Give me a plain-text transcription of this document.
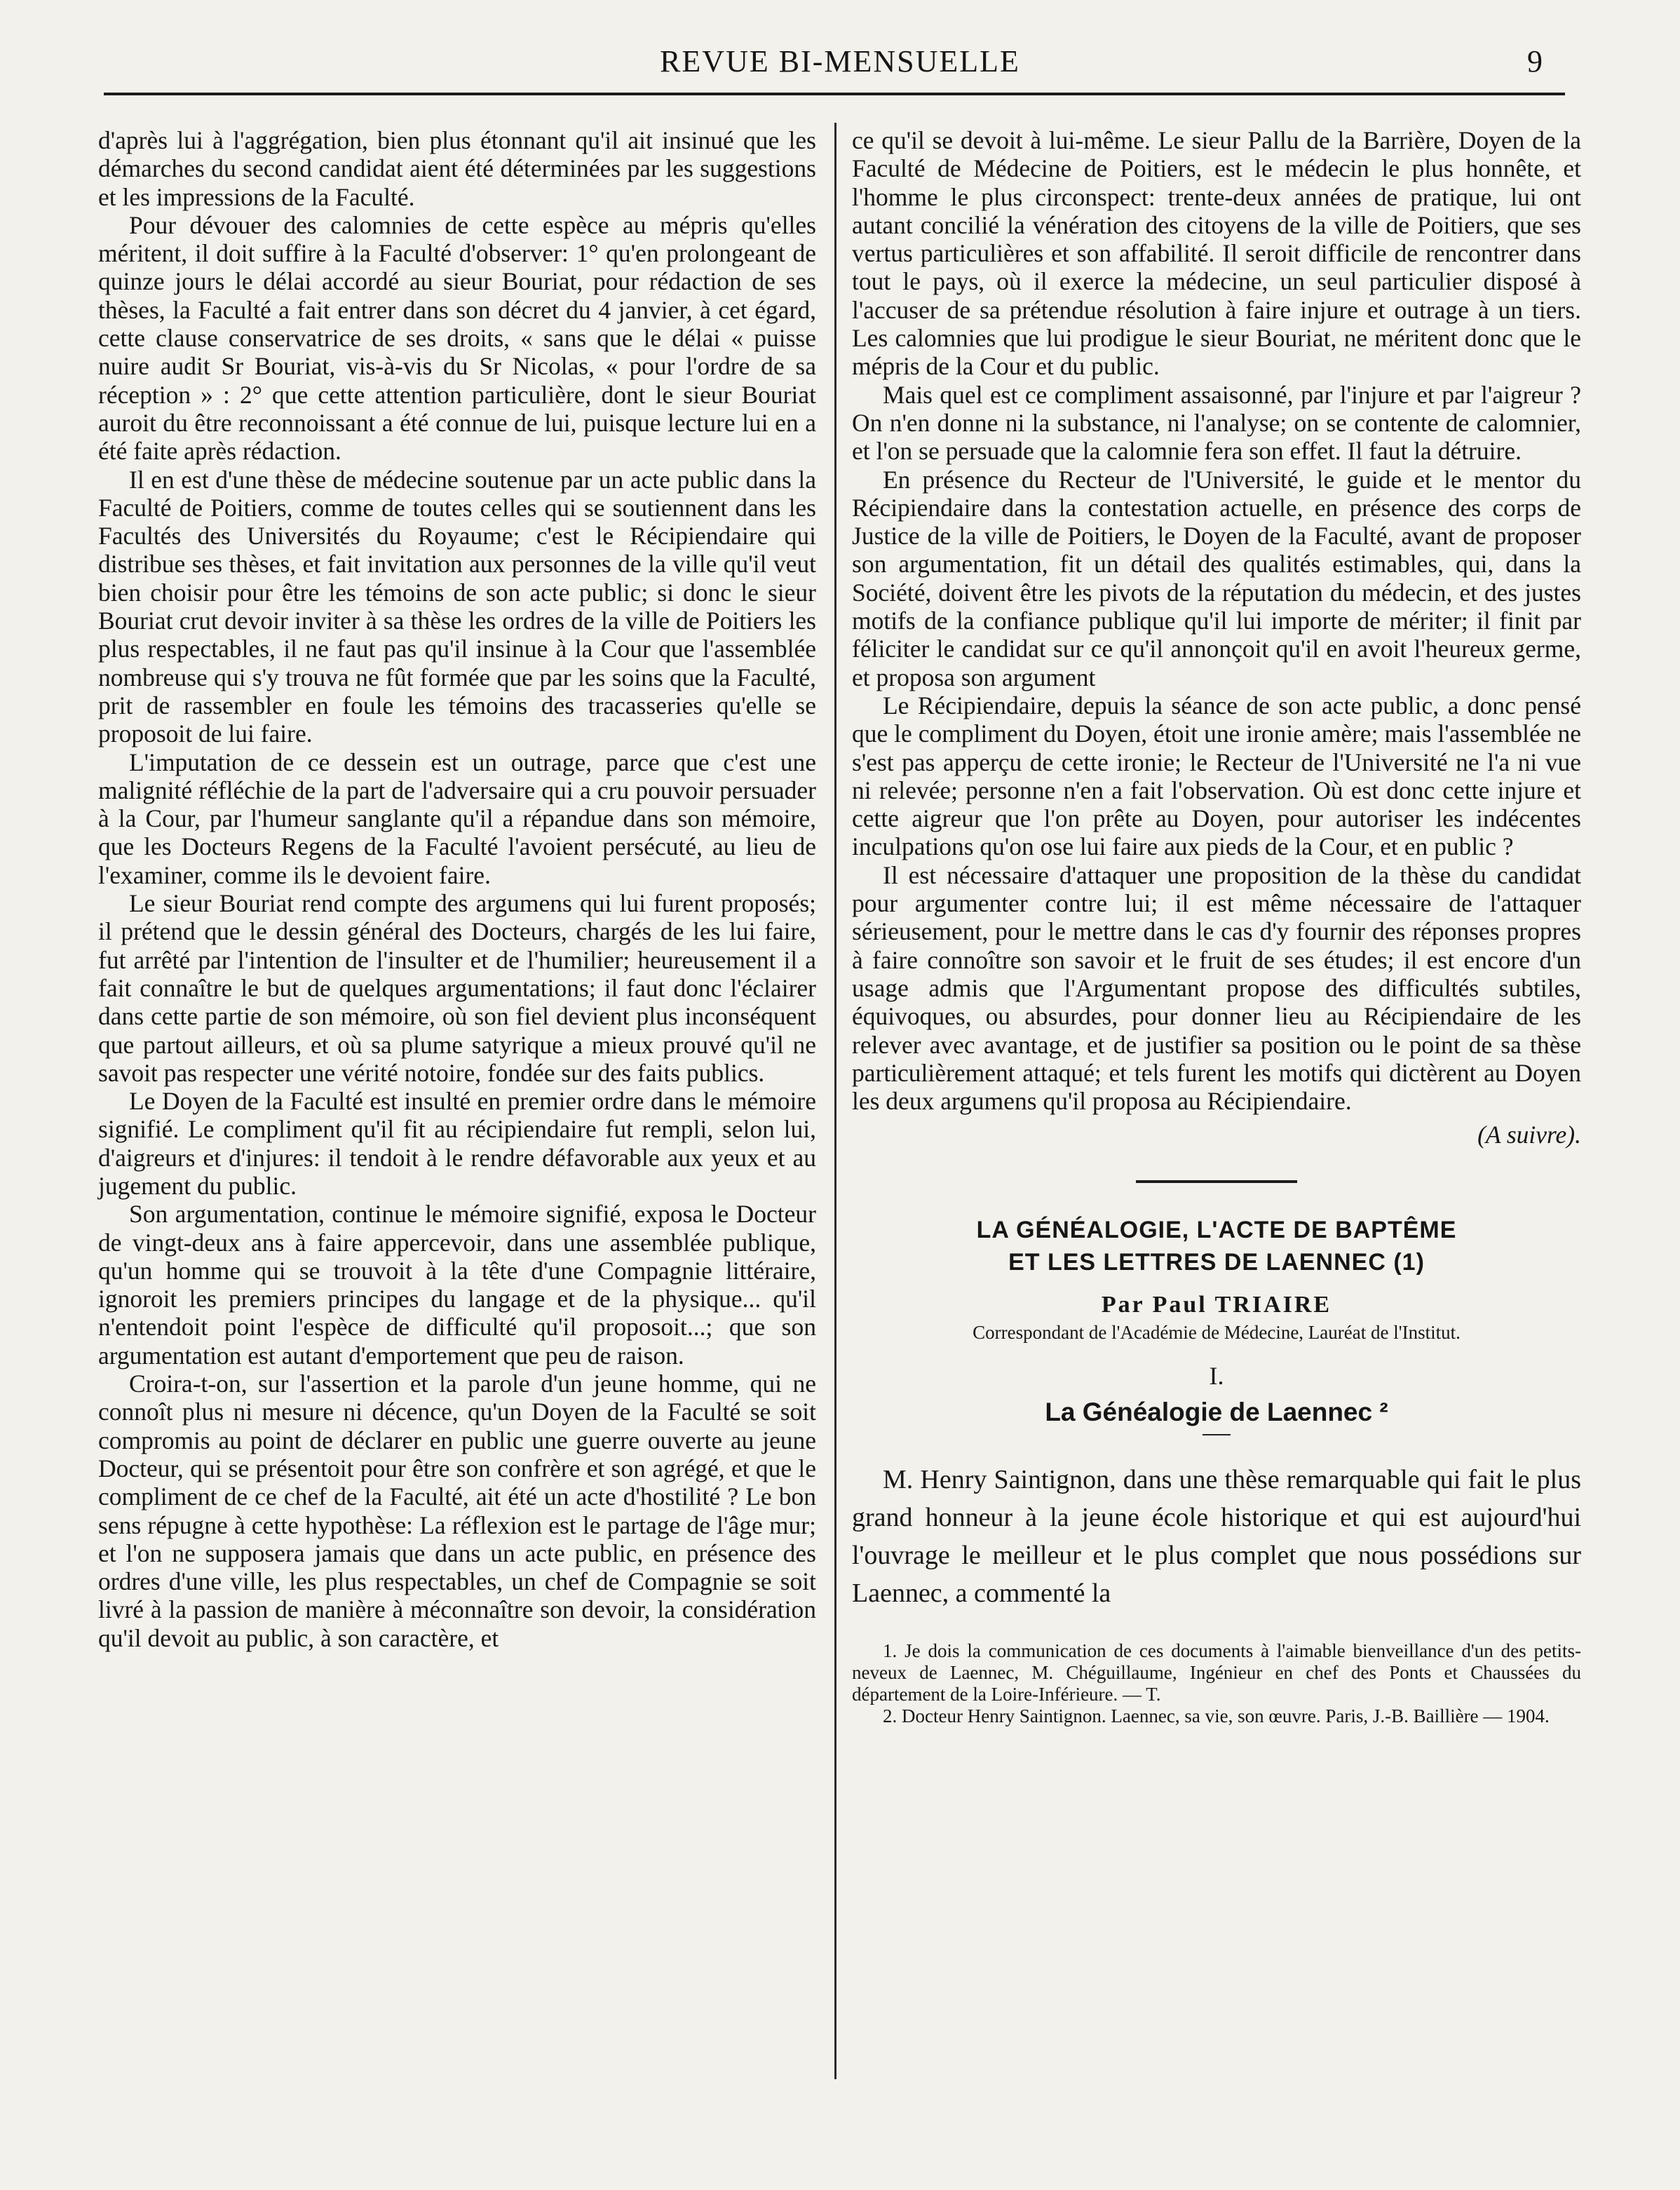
REVUE BI-MENSUELLE	9

d'après lui à l'aggrégation, bien plus étonnant qu'il ait insinué que les démarches du second candidat aient été déterminées par les suggestions et les impressions de la Faculté.

Pour dévouer des calomnies de cette espèce au mépris qu'elles méritent, il doit suffire à la Faculté d'observer: 1° qu'en prolongeant de quinze jours le délai accordé au sieur Bouriat, pour rédaction de ses thèses, la Faculté a fait entrer dans son décret du 4 janvier, à cet égard, cette clause conservatrice de ses droits, « sans que le délai « puisse nuire audit Sr Bouriat, vis-à-vis du Sr Nicolas, « pour l'ordre de sa réception » : 2° que cette attention particulière, dont le sieur Bouriat auroit du être reconnoissant a été connue de lui, puisque lecture lui en a été faite après rédaction.

Il en est d'une thèse de médecine soutenue par un acte public dans la Faculté de Poitiers, comme de toutes celles qui se soutiennent dans les Facultés des Universités du Royaume; c'est le Récipiendaire qui distribue ses thèses, et fait invitation aux personnes de la ville qu'il veut bien choisir pour être les témoins de son acte public; si donc le sieur Bouriat crut devoir inviter à sa thèse les ordres de la ville de Poitiers les plus respectables, il ne faut pas qu'il insinue à la Cour que l'assemblée nombreuse qui s'y trouva ne fût formée que par les soins que la Faculté, prit de rassembler en foule les témoins des tracasseries qu'elle se proposoit de lui faire.

L'imputation de ce dessein est un outrage, parce que c'est une malignité réfléchie de la part de l'adversaire qui a cru pouvoir persuader à la Cour, par l'humeur sanglante qu'il a répandue dans son mémoire, que les Docteurs Regens de la Faculté l'avoient persécuté, au lieu de l'examiner, comme ils le devoient faire.

Le sieur Bouriat rend compte des argumens qui lui furent proposés; il prétend que le dessin général des Docteurs, chargés de les lui faire, fut arrêté par l'intention de l'insulter et de l'humilier; heureusement il a fait connaître le but de quelques argumentations; il faut donc l'éclairer dans cette partie de son mémoire, où son fiel devient plus inconséquent que partout ailleurs, et où sa plume satyrique a mieux prouvé qu'il ne savoit pas respecter une vérité notoire, fondée sur des faits publics.

Le Doyen de la Faculté est insulté en premier ordre dans le mémoire signifié. Le compliment qu'il fit au récipiendaire fut rempli, selon lui, d'aigreurs et d'injures: il tendoit à le rendre défavorable aux yeux et au jugement du public.

Son argumentation, continue le mémoire signifié, exposa le Docteur de vingt-deux ans à faire appercevoir, dans une assemblée publique, qu'un homme qui se trouvoit à la tête d'une Compagnie littéraire, ignoroit les premiers principes du langage et de la physique... qu'il n'entendoit point l'espèce de difficulté qu'il proposoit...; que son argumentation est autant d'emportement que peu de raison.

Croira-t-on, sur l'assertion et la parole d'un jeune homme, qui ne connoît plus ni mesure ni décence, qu'un Doyen de la Faculté se soit compromis au point de déclarer en public une guerre ouverte au jeune Docteur, qui se présentoit pour être son confrère et son agrégé, et que le compliment de ce chef de la Faculté, ait été un acte d'hostilité ? Le bon sens répugne à cette hypothèse: La réflexion est le partage de l'âge mur; et l'on ne supposera jamais que dans un acte public, en présence des ordres d'une ville, les plus respectables, un chef de Compagnie se soit livré à la passion de manière à méconnaître son devoir, la considération qu'il devoit au public, à son caractère, et

ce qu'il se devoit à lui-même. Le sieur Pallu de la Barrière, Doyen de la Faculté de Médecine de Poitiers, est le médecin le plus honnête, et l'homme le plus circonspect: trente-deux années de pratique, lui ont autant concilié la vénération des citoyens de la ville de Poitiers, que ses vertus particulières et son affabilité. Il seroit difficile de rencontrer dans tout le pays, où il exerce la médecine, un seul particulier disposé à l'accuser de sa prétendue résolution à faire injure et outrage à un tiers. Les calomnies que lui prodigue le sieur Bouriat, ne méritent donc que le mépris de la Cour et du public.

Mais quel est ce compliment assaisonné, par l'injure et par l'aigreur ? On n'en donne ni la substance, ni l'analyse; on se contente de calomnier, et l'on se persuade que la calomnie fera son effet. Il faut la détruire.

En présence du Recteur de l'Université, le guide et le mentor du Récipiendaire dans la contestation actuelle, en présence des corps de Justice de la ville de Poitiers, le Doyen de la Faculté, avant de proposer son argumentation, fit un détail des qualités estimables, qui, dans la Société, doivent être les pivots de la réputation du médecin, et des justes motifs de la confiance publique qu'il lui importe de mériter; il finit par féliciter le candidat sur ce qu'il annonçoit qu'il en avoit l'heureux germe, et proposa son argument

Le Récipiendaire, depuis la séance de son acte public, a donc pensé que le compliment du Doyen, étoit une ironie amère; mais l'assemblée ne s'est pas apperçu de cette ironie; le Recteur de l'Université ne l'a ni vue ni relevée; personne n'en a fait l'observation. Où est donc cette injure et cette aigreur que l'on prête au Doyen, pour autoriser les indécentes inculpations qu'on ose lui faire aux pieds de la Cour, et en public ?

Il est nécessaire d'attaquer une proposition de la thèse du candidat pour argumenter contre lui; il est même nécessaire de l'attaquer sérieusement, pour le mettre dans le cas d'y fournir des réponses propres à faire connoître son savoir et le fruit de ses études; il est encore d'un usage admis que l'Argumentant propose des difficultés subtiles, équivoques, ou absurdes, pour donner lieu au Récipiendaire de les relever avec avantage, et de justifier sa position ou le point de sa thèse particulièrement attaqué; et tels furent les motifs qui dictèrent au Doyen les deux argumens qu'il proposa au Récipiendaire.

(A suivre).

LA GÉNÉALOGIE, L'ACTE DE BAPTÊME
ET LES LETTRES DE LAENNEC (1)
Par Paul TRIAIRE
Correspondant de l'Académie de Médecine, Lauréat de l'Institut.
I.
La Généalogie de Laennec ²

M. Henry Saintignon, dans une thèse remarquable qui fait le plus grand honneur à la jeune école historique et qui est aujourd'hui l'ouvrage le meilleur et le plus complet que nous possédions sur Laennec, a commenté la

1. Je dois la communication de ces documents à l'aimable bienveillance d'un des petits-neveux de Laennec, M. Chéguillaume, Ingénieur en chef des Ponts et Chaussées du département de la Loire-Inférieure. — T.

2. Docteur Henry Saintignon. Laennec, sa vie, son œuvre. Paris, J.-B. Baillière — 1904.
